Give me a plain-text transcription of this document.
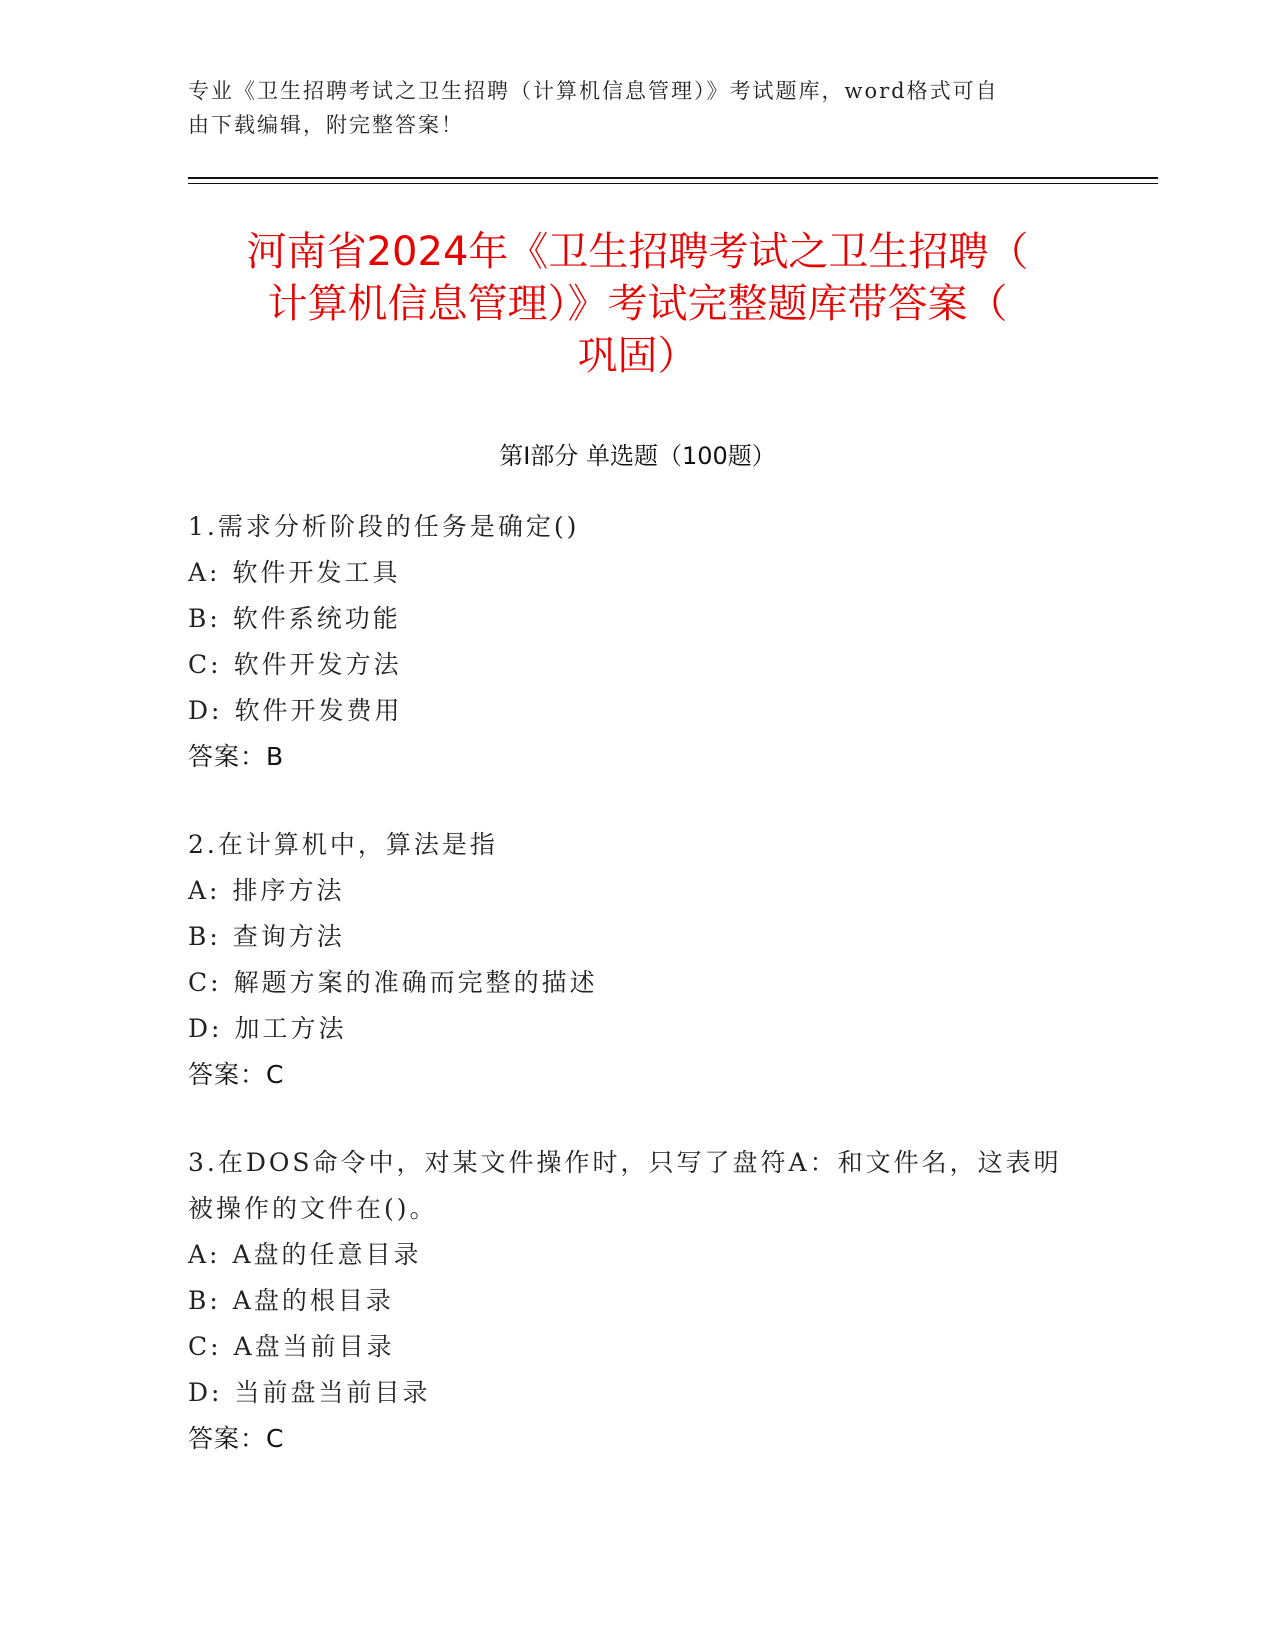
专业《卫生招聘考试之卫生招聘（计算机信息管理）》考试题库，word格式可自
由下载编辑，附完整答案！
河南省2024年《卫生招聘考试之卫生招聘（
计算机信息管理）》考试完整题库带答案（
巩固）
第Ⅰ部分 单选题（100题）
1.需求分析阶段的任务是确定()
A: 软件开发工具
B: 软件系统功能
C: 软件开发方法
D: 软件开发费用
答案：B
2.在计算机中，算法是指
A: 排序方法
B: 查询方法
C: 解题方案的准确而完整的描述
D: 加工方法
答案：C
3.在DOS命令中，对某文件操作时，只写了盘符A：和文件名，这表明
被操作的文件在()。
A: A盘的任意目录
B: A盘的根目录
C: A盘当前目录
D: 当前盘当前目录
答案：C
